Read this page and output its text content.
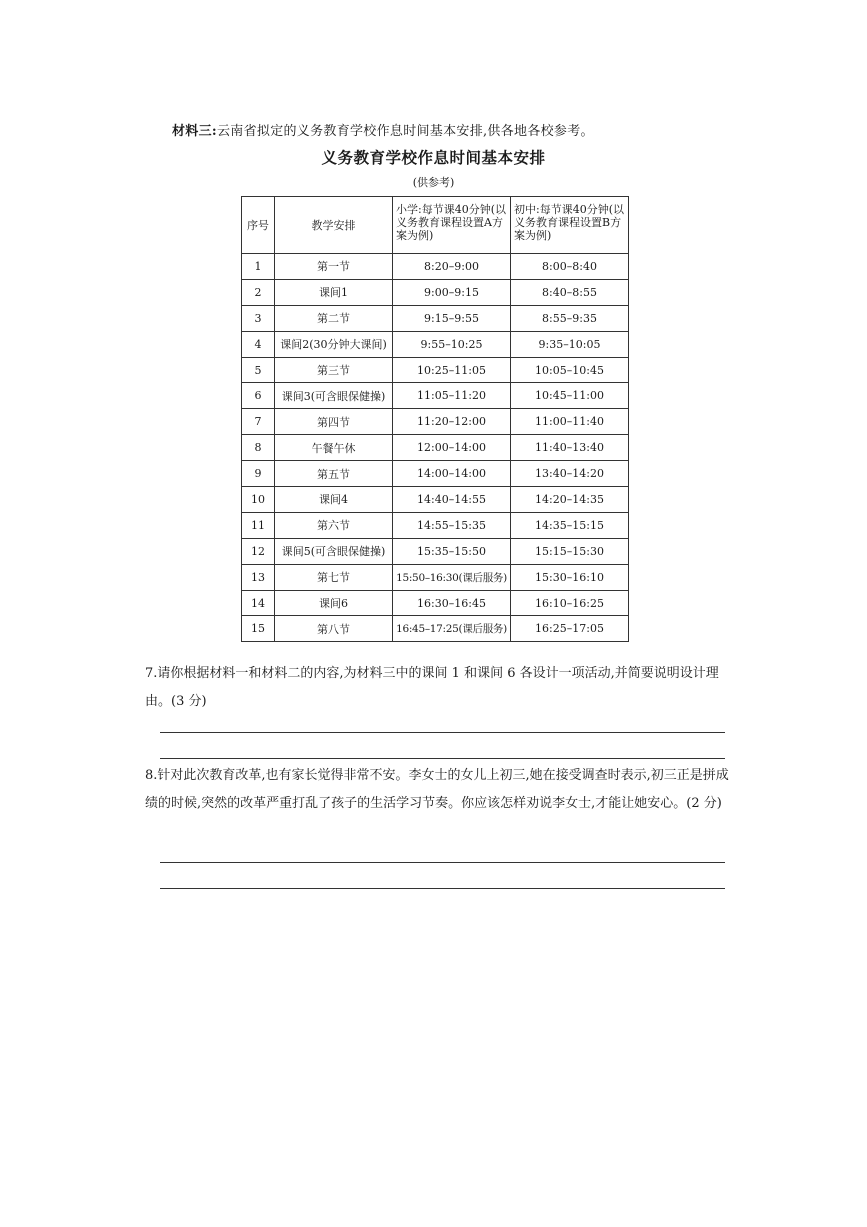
材料三:云南省拟定的义务教育学校作息时间基本安排,供各地各校参考。
义务教育学校作息时间基本安排
(供参考)
序号	教学安排	小学:每节课40分钟(以义务教育课程设置A方案为例)	初中:每节课40分钟(以义务教育课程设置B方案为例)
1	第一节	8:20–9:00	8:00–8:40
2	课间1	9:00–9:15	8:40–8:55
3	第二节	9:15–9:55	8:55–9:35
4	课间2(30分钟大课间)	9:55–10:25	9:35–10:05
5	第三节	10:25–11:05	10:05–10:45
6	课间3(可含眼保健操)	11:05–11:20	10:45–11:00
7	第四节	11:20–12:00	11:00–11:40
8	午餐午休	12:00–14:00	11:40–13:40
9	第五节	14:00–14:00	13:40–14:20
10	课间4	14:40–14:55	14:20–14:35
11	第六节	14:55–15:35	14:35–15:15
12	课间5(可含眼保健操)	15:35–15:50	15:15–15:30
13	第七节	15:50–16:30(课后服务)	15:30–16:10
14	课间6	16:30–16:45	16:10–16:25
15	第八节	16:45–17:25(课后服务)	16:25–17:05
7.请你根据材料一和材料二的内容,为材料三中的课间 1 和课间 6 各设计一项活动,并简要说明设计理由。(3 分)
8.针对此次教育改革,也有家长觉得非常不安。李女士的女儿上初三,她在接受调查时表示,初三正是拼成绩的时候,突然的改革严重打乱了孩子的生活学习节奏。你应该怎样劝说李女士,才能让她安心。(2 分)
